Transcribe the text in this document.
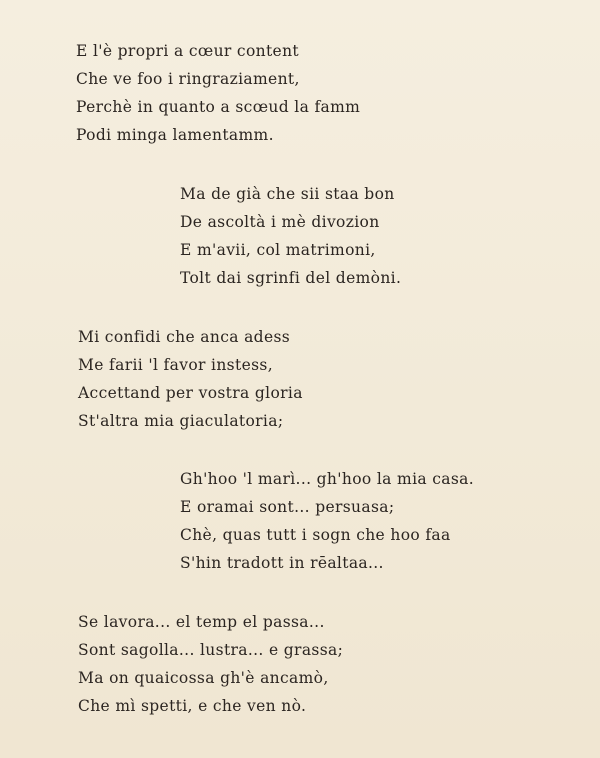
E l'è propri a cœur content
Che ve foo i ringraziament,
Perchè in quanto a scœud la famm
Podi minga lamentamm.
Ma de già che sii staa bon
De ascoltà i mè divozion
E m'avii, col matrimoni,
Tolt dai sgrinfi del demòni.
Mi confidi che anca adess
Me farii 'l favor instess,
Accettand per vostra gloria
St'altra mia giaculatoria;
Gh'hoo 'l marì... gh'hoo la mia casa.
E oramai sont... persuasa;
Chè, quas tutt i sogn che hoo faa
S'hin tradott in rēaltaa...
Se lavora... el temp el passa...
Sont sagolla... lustra... e grassa;
Ma on quaicossa gh'è ancamò,
Che mì spetti, e che ven nò.
